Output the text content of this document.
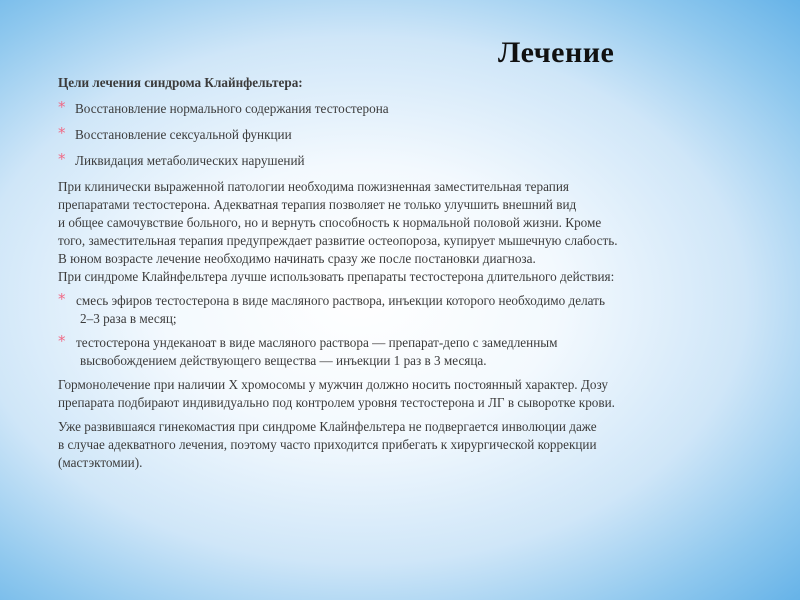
Лечение

Цели лечения синдрома Клайнфельтера:

* Восстановление нормального содержания тестостерона
* Восстановление сексуальной функции
* Ликвидация метаболических нарушений
При клинически выраженной патологии необходима пожизненная заместительная терапия
препаратами тестостерона. Адекватная терапия позволяет не только улучшить внешний вид
и общее самочувствие больного, но и вернуть способность к нормальной половой жизни. Кроме
того, заместительная терапия предупреждает развитие остеопороза, купирует мышечную слабость.
В юном возрасте лечение необходимо начинать сразу же после постановки диагноза.
При синдроме Клайнфельтера лучше использовать препараты тестостерона длительного действия:
* смесь эфиров тестостерона в виде масляного раствора, инъекции которого необходимо делать
2–3 раза в месяц;
* тестостерона ундеканоат в виде масляного раствора — препарат-депо с замедленным
высвобождением действующего вещества — инъекции 1 раз в 3 месяца.
Гормонолечение при наличии Х хромосомы у мужчин должно носить постоянный характер. Дозу
препарата подбирают индивидуально под контролем уровня тестостерона и ЛГ в сыворотке крови.
Уже развившаяся гинекомастия при синдроме Клайнфельтера не подвергается инволюции даже
в случае адекватного лечения, поэтому часто приходится прибегать к хирургической коррекции
(мастэктомии).
